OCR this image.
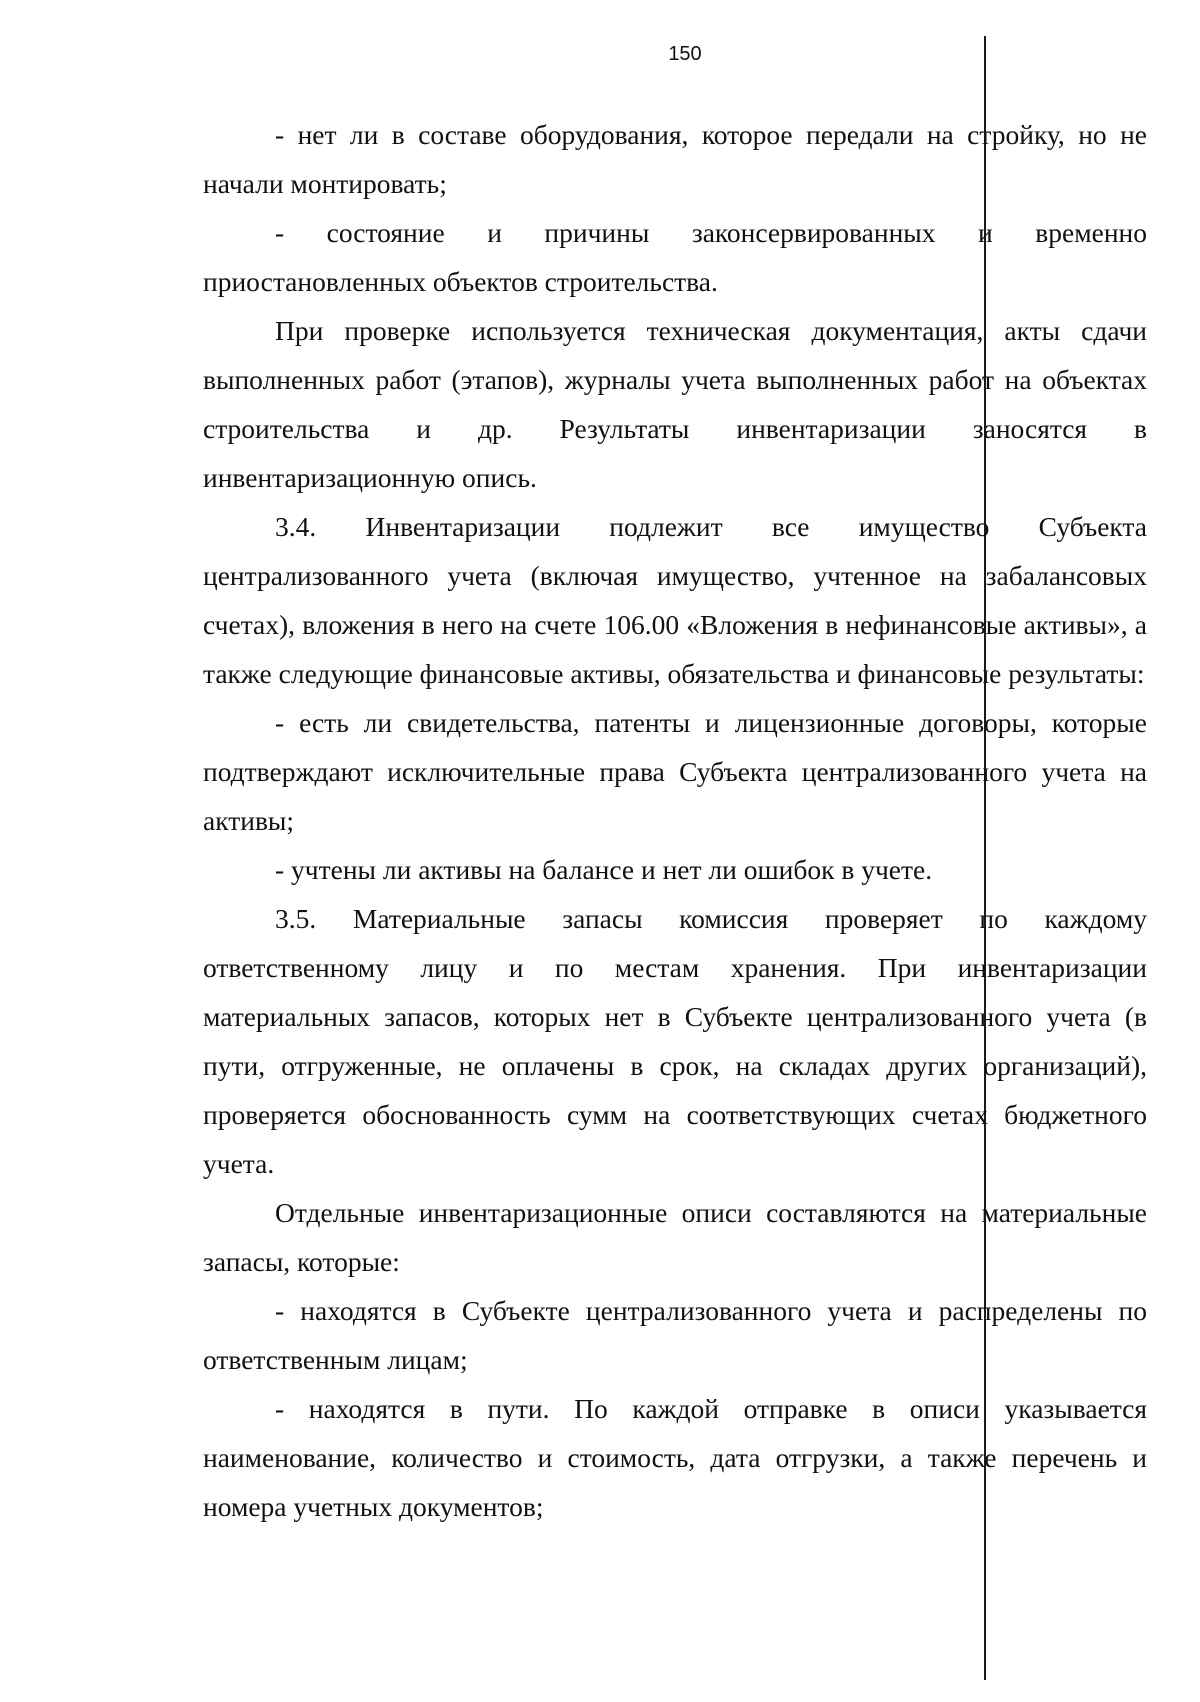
150

- нет ли в составе оборудования, которое передали на стройку, но не начали монтировать;

- состояние и причины законсервированных и временно приостановленных объектов строительства.

При проверке используется техническая документация, акты сдачи выполненных работ (этапов), журналы учета выполненных работ на объектах строительства и др. Результаты инвентаризации заносятся в инвентаризационную опись.

3.4. Инвентаризации подлежит все имущество Субъекта централизованного учета (включая имущество, учтенное на забалансовых счетах), вложения в него на счете 106.00 «Вложения в нефинансовые активы», а также следующие финансовые активы, обязательства и финансовые результаты:

- есть ли свидетельства, патенты и лицензионные договоры, которые подтверждают исключительные права Субъекта централизованного учета на активы;

- учтены ли активы на балансе и нет ли ошибок в учете.

3.5. Материальные запасы комиссия проверяет по каждому ответственному лицу и по местам хранения. При инвентаризации материальных запасов, которых нет в Субъекте централизованного учета (в пути, отгруженные, не оплачены в срок, на складах других организаций), проверяется обоснованность сумм на соответствующих счетах бюджетного учета.

Отдельные инвентаризационные описи составляются на материальные запасы, которые:

- находятся в Субъекте централизованного учета и распределены по ответственным лицам;

- находятся в пути. По каждой отправке в описи указывается наименование, количество и стоимость, дата отгрузки, а также перечень и номера учетных документов;
